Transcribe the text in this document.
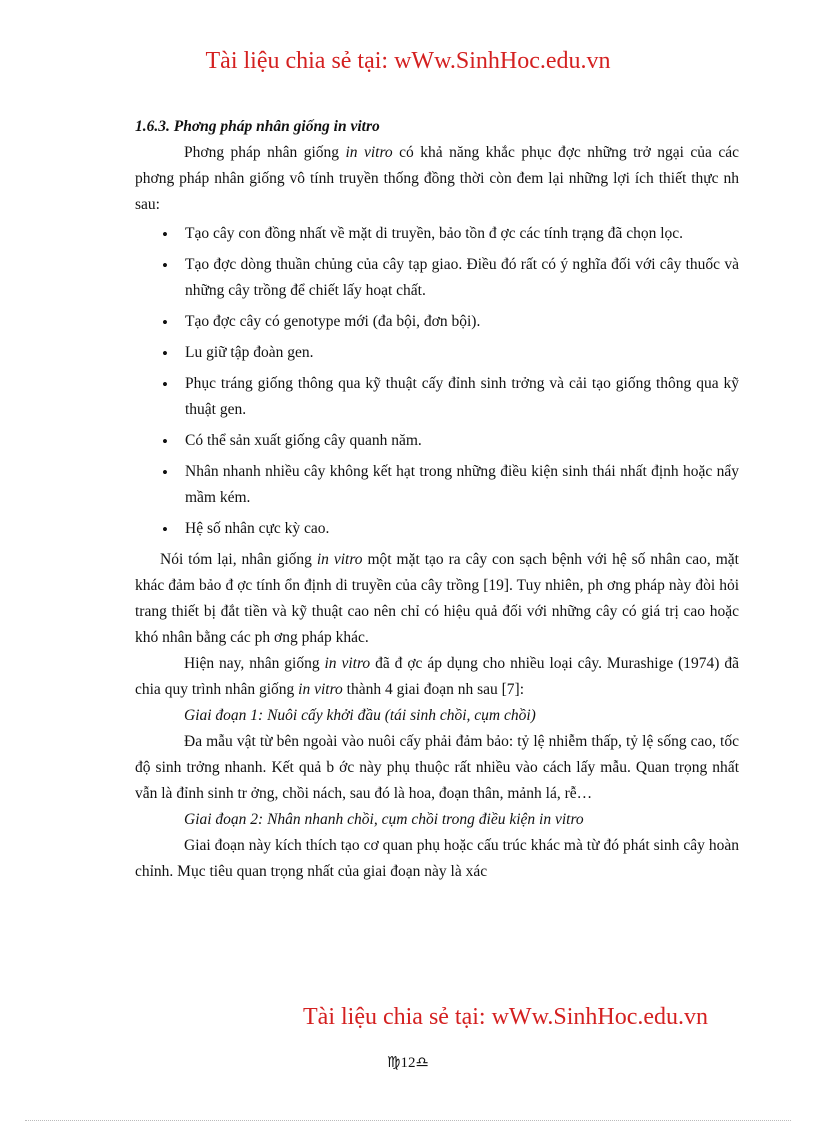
Tài liệu chia sẻ tại: wWw.SinhHoc.edu.vn

1.6.3. Phơng pháp nhân giống in vitro

Phơng pháp nhân giống in vitro có khả năng khắc phục đợc những trở ngại của các phơng pháp nhân giống vô tính truyền thống đồng thời còn đem lại những lợi ích thiết thực nh sau:

• Tạo cây con đồng nhất về mặt di truyền, bảo tồn đ ợc các tính trạng đã chọn lọc.
• Tạo đợc dòng thuần chủng của cây tạp giao. Điều đó rất có ý nghĩa đối với cây thuốc và những cây trồng để chiết lấy hoạt chất.
• Tạo đợc cây có genotype mới (đa bội, đơn bội).
• Lu giữ tập đoàn gen.
• Phục tráng giống thông qua kỹ thuật cấy đỉnh sinh trởng và cải tạo giống thông qua kỹ thuật gen.
• Có thể sản xuất giống cây quanh năm.
• Nhân nhanh nhiều cây không kết hạt trong những điều kiện sinh thái nhất định hoặc nẩy mầm kém.
• Hệ số nhân cực kỳ cao.

Nói tóm lại, nhân giống in vitro một mặt tạo ra cây con sạch bệnh với hệ số nhân cao, mặt khác đảm bảo đ ợc tính ổn định di truyền của cây trồng [19]. Tuy nhiên, ph ơng pháp này đòi hỏi trang thiết bị đắt tiền và kỹ thuật cao nên chỉ có hiệu quả đối với những cây có giá trị cao hoặc khó nhân bằng các ph ơng pháp khác.

Hiện nay, nhân giống in vitro đã đ ợc áp dụng cho nhiều loại cây. Murashige (1974) đã chia quy trình nhân giống in vitro thành 4 giai đoạn nh sau [7]:

Giai đoạn 1: Nuôi cấy khởi đầu (tái sinh chồi, cụm chồi)

Đa mẫu vật từ bên ngoài vào nuôi cấy phải đảm bảo: tỷ lệ nhiễm thấp, tỷ lệ sống cao, tốc độ sinh trởng nhanh. Kết quả b ớc này phụ thuộc rất nhiều vào cách lấy mẫu. Quan trọng nhất vẫn là đỉnh sinh tr ởng, chồi nách, sau đó là hoa, đoạn thân, mảnh lá, rễ…

Giai đoạn 2: Nhân nhanh chồi, cụm chồi trong điều kiện in vitro

Giai đoạn này kích thích tạo cơ quan phụ hoặc cấu trúc khác mà từ đó phát sinh cây hoàn chỉnh. Mục tiêu quan trọng nhất của giai đoạn này là xác

Tài liệu chia sẻ tại: wWw.SinhHoc.edu.vn
♍12♎
